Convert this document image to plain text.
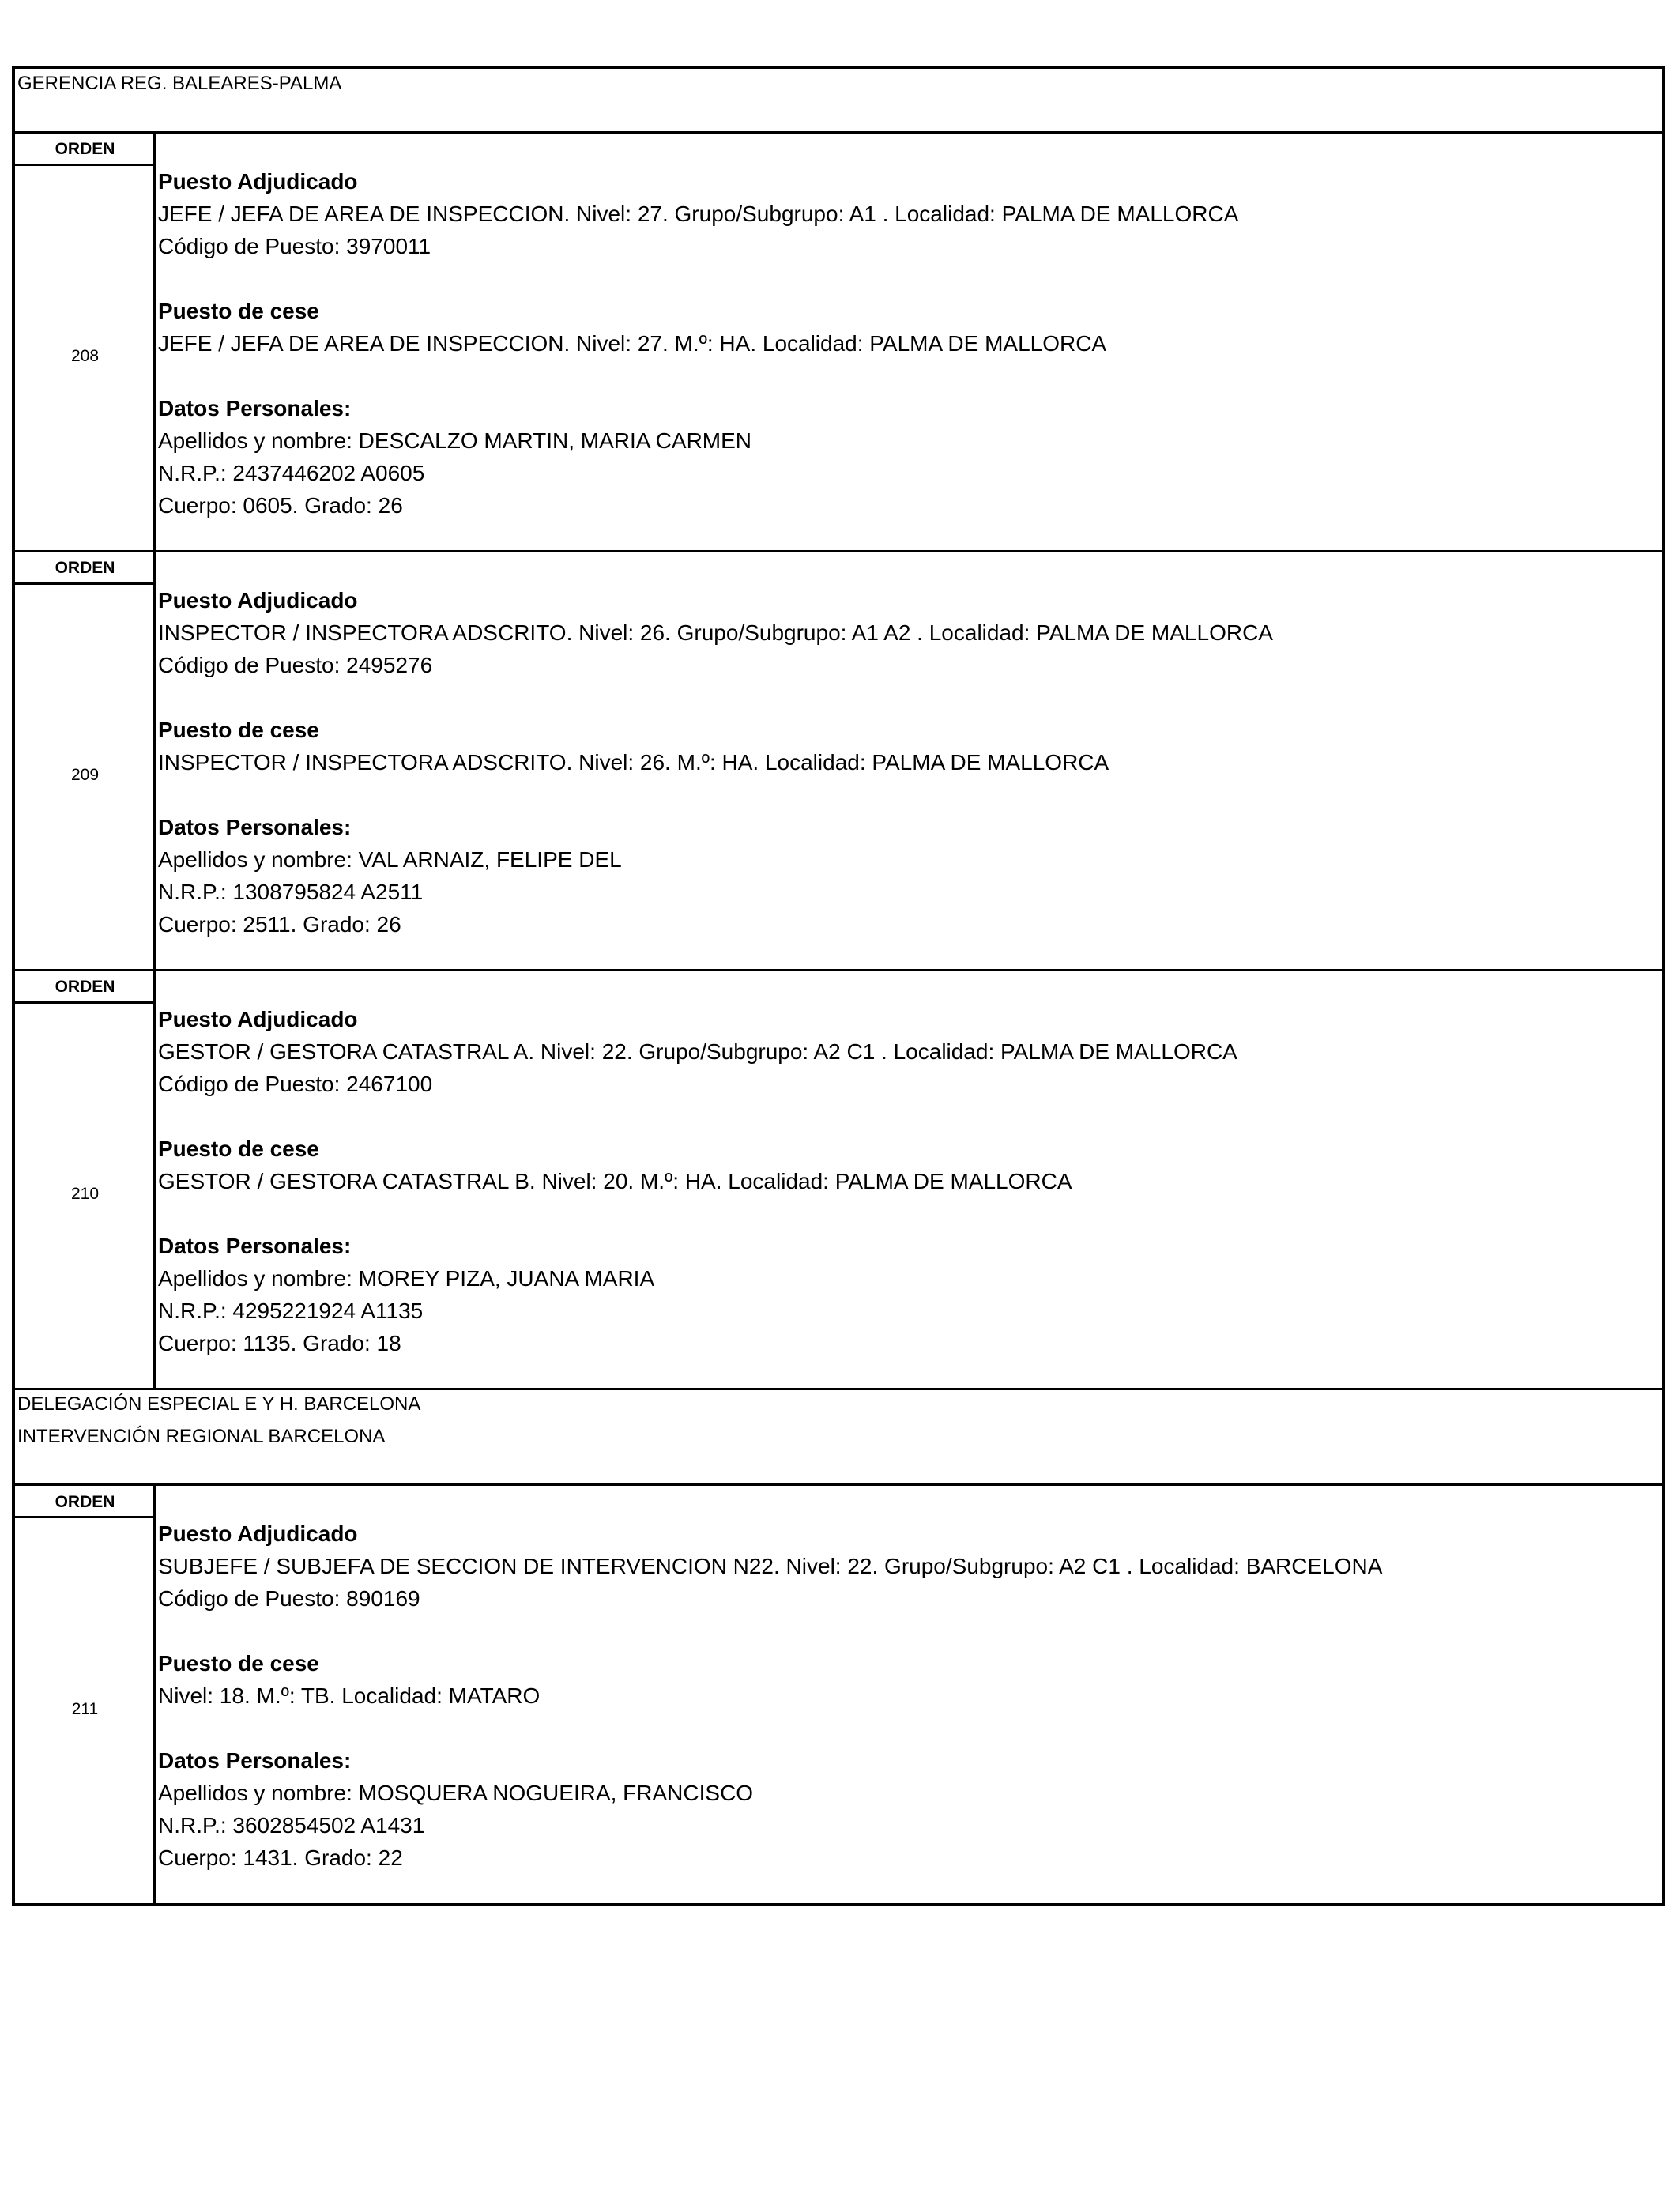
GERENCIA REG. BALEARES-PALMA
ORDEN
208
Puesto Adjudicado
JEFE / JEFA DE AREA DE INSPECCION. Nivel: 27. Grupo/Subgrupo: A1 . Localidad: PALMA DE MALLORCA
Código de Puesto: 3970011
Puesto de cese
JEFE / JEFA DE AREA DE INSPECCION. Nivel: 27. M.º: HA. Localidad: PALMA DE MALLORCA
Datos Personales:
Apellidos y nombre: DESCALZO MARTIN, MARIA CARMEN
N.R.P.: 2437446202 A0605
Cuerpo: 0605. Grado: 26
ORDEN
209
Puesto Adjudicado
INSPECTOR / INSPECTORA ADSCRITO. Nivel: 26. Grupo/Subgrupo: A1 A2 . Localidad: PALMA DE MALLORCA
Código de Puesto: 2495276
Puesto de cese
INSPECTOR / INSPECTORA ADSCRITO. Nivel: 26. M.º: HA. Localidad: PALMA DE MALLORCA
Datos Personales:
Apellidos y nombre: VAL ARNAIZ, FELIPE DEL
N.R.P.: 1308795824 A2511
Cuerpo: 2511. Grado: 26
ORDEN
210
Puesto Adjudicado
GESTOR / GESTORA CATASTRAL A. Nivel: 22. Grupo/Subgrupo: A2 C1 . Localidad: PALMA DE MALLORCA
Código de Puesto: 2467100
Puesto de cese
GESTOR / GESTORA CATASTRAL B. Nivel: 20. M.º: HA. Localidad: PALMA DE MALLORCA
Datos Personales:
Apellidos y nombre: MOREY PIZA, JUANA MARIA
N.R.P.: 4295221924 A1135
Cuerpo: 1135. Grado: 18
DELEGACIÓN ESPECIAL E Y H. BARCELONA
INTERVENCIÓN REGIONAL BARCELONA
ORDEN
211
Puesto Adjudicado
SUBJEFE / SUBJEFA DE SECCION DE INTERVENCION N22. Nivel: 22. Grupo/Subgrupo: A2 C1 . Localidad: BARCELONA
Código de Puesto: 890169
Puesto de cese
Nivel: 18. M.º: TB. Localidad: MATARO
Datos Personales:
Apellidos y nombre: MOSQUERA NOGUEIRA, FRANCISCO
N.R.P.: 3602854502 A1431
Cuerpo: 1431. Grado: 22
